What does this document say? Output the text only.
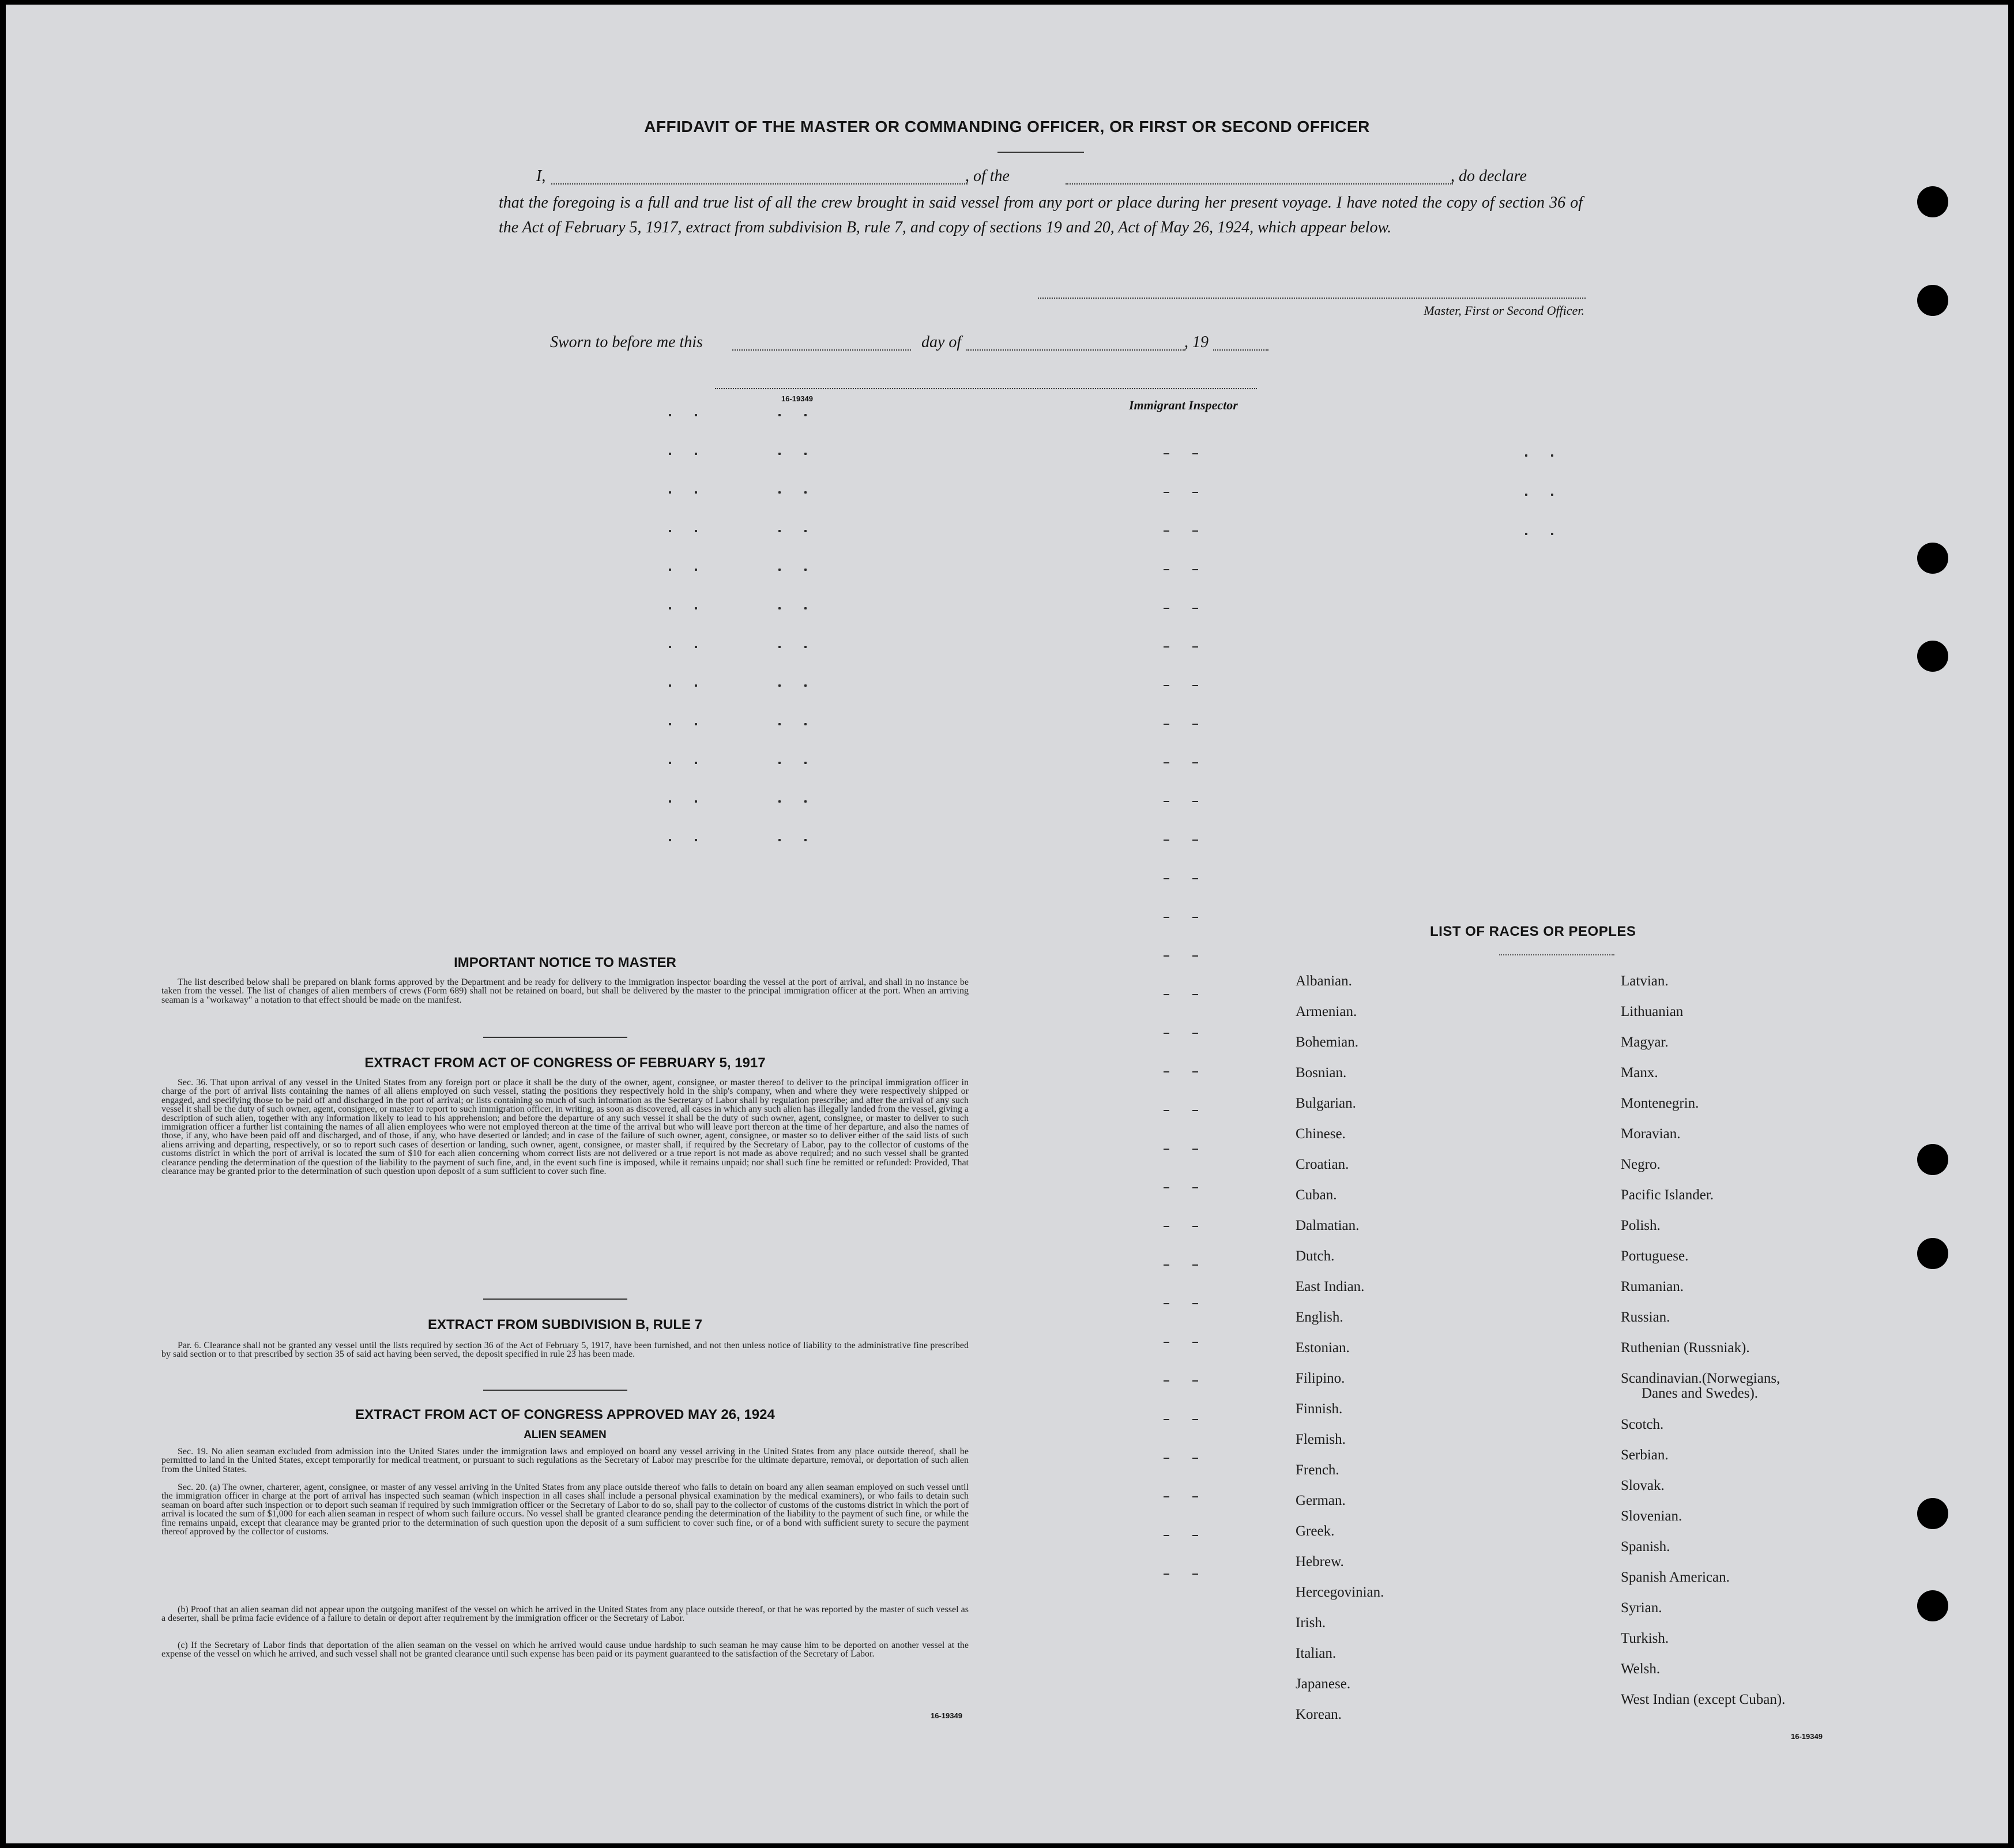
AFFIDAVIT OF THE MASTER OR COMMANDING OFFICER, OR FIRST OR SECOND OFFICER
I,	, of the	, do declare
that the foregoing is a full and true list of all the crew brought in said vessel from any port or place during her present voyage. I have noted the copy of section 36 of the Act of February 5, 1917, extract from subdivision B, rule 7, and copy of sections 19 and 20, Act of May 26, 1924, which appear below.
Master, First or Second Officer.
Sworn to before me this	day of	, 19
16-19349	Immigrant Inspector
IMPORTANT NOTICE TO MASTER
The list described below shall be prepared on blank forms approved by the Department and be ready for delivery to the immigration inspector boarding the vessel at the port of arrival, and shall in no instance be taken from the vessel. The list of changes of alien members of crews (Form 689) shall not be retained on board, but shall be delivered by the master to the principal immigration officer at the port. When an arriving seaman is a "workaway" a notation to that effect should be made on the manifest.
EXTRACT FROM ACT OF CONGRESS OF FEBRUARY 5, 1917
Sec. 36. That upon arrival of any vessel in the United States from any foreign port or place it shall be the duty of the owner, agent, consignee, or master thereof to deliver to the principal immigration officer in charge of the port of arrival lists containing the names of all aliens employed on such vessel, stating the positions they respectively hold in the ship's company, when and where they were respectively shipped or engaged, and specifying those to be paid off and discharged in the port of arrival; or lists containing so much of such information as the Secretary of Labor shall by regulation prescribe; and after the arrival of any such vessel it shall be the duty of such owner, agent, consignee, or master to report to such immigration officer, in writing, as soon as discovered, all cases in which any such alien has illegally landed from the vessel, giving a description of such alien, together with any information likely to lead to his apprehension; and before the departure of any such vessel it shall be the duty of such owner, agent, consignee, or master to deliver to such immigration officer a further list containing the names of all alien employees who were not employed thereon at the time of the arrival but who will leave port thereon at the time of her departure, and also the names of those, if any, who have been paid off and discharged, and of those, if any, who have deserted or landed; and in case of the failure of such owner, agent, consignee, or master so to deliver either of the said lists of such aliens arriving and departing, respectively, or so to report such cases of desertion or landing, such owner, agent, consignee, or master shall, if required by the Secretary of Labor, pay to the collector of customs of the customs district in which the port of arrival is located the sum of $10 for each alien concerning whom correct lists are not delivered or a true report is not made as above required; and no such vessel shall be granted clearance pending the determination of the question of the liability to the payment of such fine, and, in the event such fine is imposed, while it remains unpaid; nor shall such fine be remitted or refunded: Provided, That clearance may be granted prior to the determination of such question upon deposit of a sum sufficient to cover such fine.
EXTRACT FROM SUBDIVISION B, RULE 7
Par. 6. Clearance shall not be granted any vessel until the lists required by section 36 of the Act of February 5, 1917, have been furnished, and not then unless notice of liability to the administrative fine prescribed by said section or to that prescribed by section 35 of said act having been served, the deposit specified in rule 23 has been made.
EXTRACT FROM ACT OF CONGRESS APPROVED MAY 26, 1924
ALIEN SEAMEN
Sec. 19. No alien seaman excluded from admission into the United States under the immigration laws and employed on board any vessel arriving in the United States from any place outside thereof, shall be permitted to land in the United States, except temporarily for medical treatment, or pursuant to such regulations as the Secretary of Labor may prescribe for the ultimate departure, removal, or deportation of such alien from the United States.
Sec. 20. (a) The owner, charterer, agent, consignee, or master of any vessel arriving in the United States from any place outside thereof who fails to detain on board any alien seaman employed on such vessel until the immigration officer in charge at the port of arrival has inspected such seaman (which inspection in all cases shall include a personal physical examination by the medical examiners), or who fails to detain such seaman on board after such inspection or to deport such seaman if required by such immigration officer or the Secretary of Labor to do so, shall pay to the collector of customs of the customs district in which the port of arrival is located the sum of $1,000 for each alien seaman in respect of whom such failure occurs. No vessel shall be granted clearance pending the determination of the liability to the payment of such fine, or while the fine remains unpaid, except that clearance may be granted prior to the determination of such question upon the deposit of a sum sufficient to cover such fine, or of a bond with sufficient surety to secure the payment thereof approved by the collector of customs.
(b) Proof that an alien seaman did not appear upon the outgoing manifest of the vessel on which he arrived in the United States from any place outside thereof, or that he was reported by the master of such vessel as a deserter, shall be prima facie evidence of a failure to detain or deport after requirement by the immigration officer or the Secretary of Labor.
(c) If the Secretary of Labor finds that deportation of the alien seaman on the vessel on which he arrived would cause undue hardship to such seaman he may cause him to be deported on another vessel at the expense of the vessel on which he arrived, and such vessel shall not be granted clearance until such expense has been paid or its payment guaranteed to the satisfaction of the Secretary of Labor.
16-19349
LIST OF RACES OR PEOPLES
Albanian.
Armenian.
Bohemian.
Bosnian.
Bulgarian.
Chinese.
Croatian.
Cuban.
Dalmatian.
Dutch.
East Indian.
English.
Estonian.
Filipino.
Finnish.
Flemish.
French.
German.
Greek.
Hebrew.
Hercegovinian.
Irish.
Italian.
Japanese.
Korean.
Latvian.
Lithuanian
Magyar.
Manx.
Montenegrin.
Moravian.
Negro.
Pacific Islander.
Polish.
Portuguese.
Rumanian.
Russian.
Ruthenian (Russniak).
Scandinavian.(Norwegians,
Danes and Swedes).
Scotch.
Serbian.
Slovak.
Slovenian.
Spanish.
Spanish American.
Syrian.
Turkish.
Welsh.
West Indian (except Cuban).
16-19349
